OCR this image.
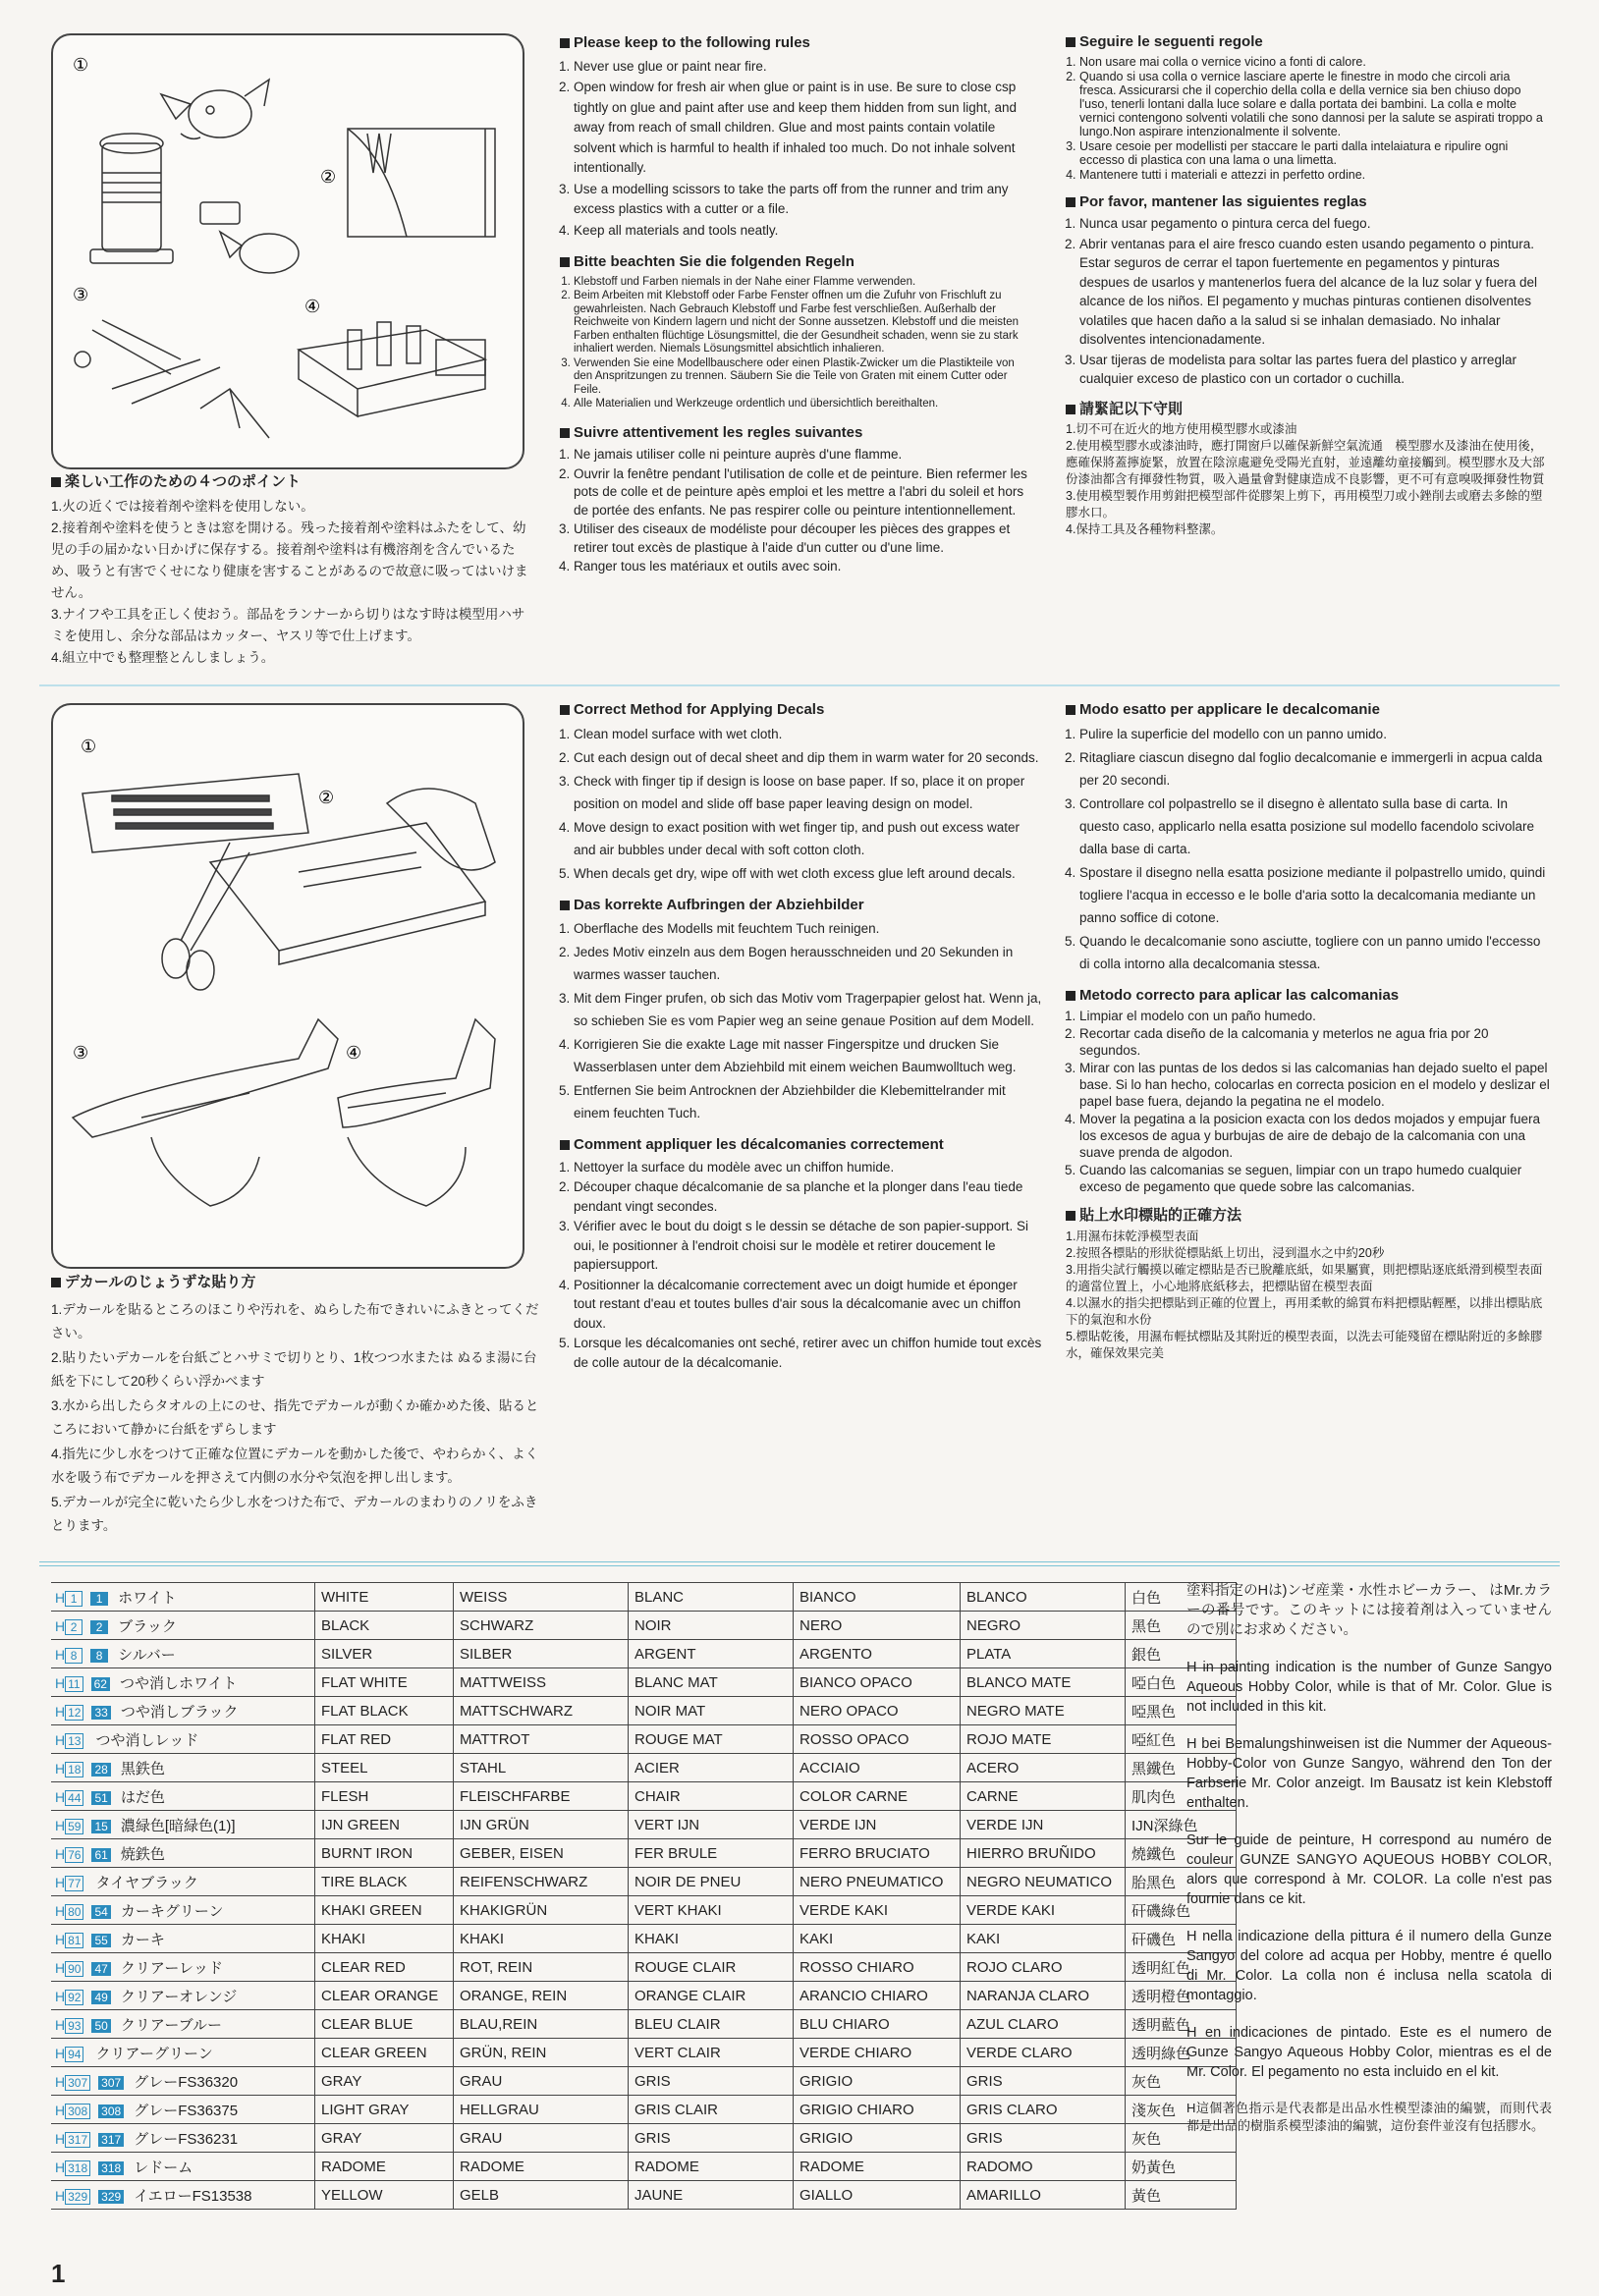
①
②
③
④
楽しい工作のための４つのポイント
1.火の近くでは接着剤や塗料を使用しない。
2.接着剤や塗料を使うときは窓を開ける。残った接着剤や塗料はふたをして、幼児の手の届かない日かげに保存する。接着剤や塗料は有機溶剤を含んでいるため、吸うと有害でくせになり健康を害することがあるので故意に吸ってはいけません。
3.ナイフや工具を正しく使おう。部品をランナーから切りはなす時は模型用ハサミを使用し、余分な部品はカッター、ヤスリ等で仕上げます。
4.組立中でも整理整とんしましょう。
Please keep to the following rules
1. Never use glue or paint near fire.
2. Open window for fresh air when glue or paint is in use. Be sure to close csp tightly on glue and paint after use and keep them hidden from sun light, and away from reach of small children. Glue and most paints contain volatile solvent which is harmful to health if inhaled too much. Do not inhale solvent intentionally.
3. Use a modelling scissors to take the parts off from the runner and trim any excess plastics with a cutter or a file.
4. Keep all materials and tools neatly.
Bitte beachten Sie die folgenden Regeln
1. Klebstoff und Farben niemals in der Nahe einer Flamme verwenden.
2. Beim Arbeiten mit Klebstoff oder Farbe Fenster offnen um die Zufuhr von Frischluft zu gewahrleisten. Nach Gebrauch Klebstoff und Farbe fest verschließen. Außerhalb der Reichweite von Kindern lagern und nicht der Sonne aussetzen. Klebstoff und die meisten Farben enthalten flüchtige Lösungsmittel, die der Gesundheit schaden, wenn sie zu stark inhaliert werden. Niemals Lösungsmittel absichtlich inhalieren.
3. Verwenden Sie eine Modellbauschere oder einen Plastik-Zwicker um die Plastikteile von den Anspritzungen zu trennen. Säubern Sie die Teile von Graten mit einem Cutter oder Feile.
4. Alle Materialien und Werkzeuge ordentlich und übersichtlich bereithalten.
Suivre attentivement les regles suivantes
1. Ne jamais utiliser colle ni peinture auprès d'une flamme.
2. Ouvrir la fenêtre pendant l'utilisation de colle et de peinture. Bien refermer les pots de colle et de peinture apès emploi et les mettre a l'abri du soleil et hors de portée des enfants. Ne pas respirer colle ou peinture intentionnellement.
3. Utiliser des ciseaux de modéliste pour découper les pièces des grappes et retirer tout excès de plastique à l'aide d'un cutter ou d'une lime.
4. Ranger tous les matériaux et outils avec soin.
Seguire le seguenti regole
1. Non usare mai colla o vernice vicino a fonti di calore.
2. Quando si usa colla o vernice lasciare aperte le finestre in modo che circoli aria fresca. Assicurarsi che il coperchio della colla e della vernice sia ben chiuso dopo l'uso, tenerli lontani dalla luce solare e dalla portata dei bambini. La colla e molte vernici contengono solventi volatili che sono dannosi per la salute se aspirati troppo a lungo.Non aspirare intenzionalmente il solvente.
3. Usare cesoie per modellisti per staccare le parti dalla intelaiatura e ripulire ogni eccesso di plastica con una lama o una limetta.
4. Mantenere tutti i materiali e attezzi in perfetto ordine.
Por favor, mantener las siguientes reglas
1. Nunca usar pegamento o pintura cerca del fuego.
2. Abrir ventanas para el aire fresco cuando esten usando pegamento o pintura. Estar seguros de cerrar el tapon fuertemente en pegamentos y pinturas despues de usarlos y mantenerlos fuera del alcance de la luz solar y fuera del alcance de los niños. El pegamento y muchas pinturas contienen disolventes volatiles que hacen daño a la salud si se inhalan demasiado. No inhalar disolventes intencionadamente.
3. Usar tijeras de modelista para soltar las partes fuera del plastico y arreglar cualquier exceso de plastico con un cortador o cuchilla.
請緊記以下守則
1.切不可在近火的地方使用模型膠水或漆油
2.使用模型膠水或漆油時，應打開窗戶以確保新鮮空氣流通　模型膠水及漆油在使用後，應確保將蓋擰旋緊，放置在陰涼處避免受陽光直射，並遠離幼童接觸到。模型膠水及大部份漆油都含有揮發性物質，吸入過量會對健康造成不良影響，更不可有意嗅吸揮發性物質
3.使用模型製作用剪鉗把模型部件從膠架上剪下，再用模型刀或小銼削去或磨去多餘的塑膠水口。
4.保持工具及各種物料整潔。
①
②
③	④
デカールのじょうずな貼り方
1.デカールを貼るところのほこりや汚れを、ぬらした布できれいにふきとってください。
2.貼りたいデカールを台紙ごとハサミで切りとり、1枚つつ水または ぬるま湯に台紙を下にして20秒くらい浮かべます
3.水から出したらタオルの上にのせ、指先でデカールが動くか確かめた後、貼るところにおいて静かに台紙をずらします
4.指先に少し水をつけて正確な位置にデカールを動かした後で、やわらかく、よく水を吸う布でデカールを押さえて内側の水分や気泡を押し出します。
5.デカールが完全に乾いたら少し水をつけた布で、デカールのまわりのノリをふきとります。
Correct Method for Applying Decals
1. Clean model surface with wet cloth.
2. Cut each design out of decal sheet and dip them in warm water for 20 seconds.
3. Check with finger tip if design is loose on base paper. If so, place it on proper position on model and slide off base paper leaving design on model.
4. Move design to exact position with wet finger tip, and push out excess water and air bubbles under decal with soft cotton cloth.
5. When decals get dry, wipe off with wet cloth excess glue left around decals.
Das korrekte Aufbringen der Abziehbilder
1. Oberflache des Modells mit feuchtem Tuch reinigen.
2. Jedes Motiv einzeln aus dem Bogen herausschneiden und 20 Sekunden in warmes wasser tauchen.
3. Mit dem Finger prufen, ob sich das Motiv vom Tragerpapier gelost hat. Wenn ja, so schieben Sie es vom Papier weg an seine genaue Position auf dem Modell.
4. Korrigieren Sie die exakte Lage mit nasser Fingerspitze und drucken Sie Wasserblasen unter dem Abziehbild mit einem weichen Baumwolltuch weg.
5. Entfernen Sie beim Antrocknen der Abziehbilder die Klebemittelrander mit einem feuchten Tuch.
Comment appliquer les décalcomanies correctement
1. Nettoyer la surface du modèle avec un chiffon humide.
2. Découper chaque décalcomanie de sa planche et la plonger dans l'eau tiede pendant vingt secondes.
3. Vérifier avec le bout du doigt s le dessin se détache de son papier-support. Si oui, le positionner à l'endroit choisi sur le modèle et retirer doucement le papiersupport.
4. Positionner la décalcomanie correctement avec un doigt humide et éponger tout restant d'eau et toutes bulles d'air sous la décalcomanie avec un chiffon doux.
5. Lorsque les décalcomanies ont seché, retirer avec un chiffon humide tout excès de colle autour de la décalcomanie.
Modo esatto per applicare le decalcomanie
1. Pulire la superficie del modello con un panno umido.
2. Ritagliare ciascun disegno dal foglio decalcomanie e immergerli in acpua calda per 20 secondi.
3. Controllare col polpastrello se il disegno è allentato sulla base di carta. In questo caso, applicarlo nella esatta posizione sul modello facendolo scivolare dalla base di carta.
4. Spostare il disegno nella esatta posizione mediante il polpastrello umido, quindi togliere l'acqua in eccesso e le bolle d'aria sotto la decalcomania mediante un panno soffice di cotone.
5. Quando le decalcomanie sono asciutte, togliere con un panno umido l'eccesso di colla intorno alla decalcomania stessa.
Metodo correcto para aplicar las calcomanias
1. Limpiar el modelo con un paño humedo.
2. Recortar cada diseño de la calcomania y meterlos ne agua fria por 20 segundos.
3. Mirar con las puntas de los dedos si las calcomanias han dejado suelto el papel base. Si lo han hecho, colocarlas en correcta posicion en el modelo y deslizar el papel base fuera, dejando la pegatina ne el modelo.
4. Mover la pegatina a la posicion exacta con los dedos mojados y empujar fuera los excesos de agua y burbujas de aire de debajo de la calcomania con una suave prenda de algodon.
5. Cuando las calcomanias se seguen, limpiar con un trapo humedo cualquier exceso de pegamento que quede sobre las calcomanias.
貼上水印標貼的正確方法
1.用濕布抹乾淨模型表面
2.按照各標貼的形狀從標貼紙上切出，浸到溫水之中約20秒
3.用指尖試行觸摸以確定標貼是否已脫離底紙，如果屬實，則把標貼逐底紙滑到模型表面的適當位置上，小心地將底紙移去，把標貼留在模型表面
4.以濕水的指尖把標貼到正確的位置上，再用柔軟的綿質布料把標貼輕壓，以排出標貼底下的氣泡和水份
5.標貼乾後，用濕布輕拭標貼及其附近的模型表面，以洗去可能殘留在標貼附近的多餘膠水，確保效果完美
H 1 1 ホワイト	WHITE	WEISS	BLANC	BIANCO	BLANCO	白色
H 2 2 ブラック	BLACK	SCHWARZ	NOIR	NERO	NEGRO	黑色
H 8 8 シルバー	SILVER	SILBER	ARGENT	ARGENTO	PLATA	銀色
H 11 62 つや消しホワイト	FLAT WHITE	MATTWEISS	BLANC MAT	BIANCO OPACO	BLANCO MATE	啞白色
H 12 33 つや消しブラック	FLAT BLACK	MATTSCHWARZ	NOIR MAT	NERO OPACO	NEGRO MATE	啞黑色
H 13 つや消しレッド	FLAT RED	MATTROT	ROUGE MAT	ROSSO OPACO	ROJO MATE	啞紅色
H 18 28 黒鉄色	STEEL	STAHL	ACIER	ACCIAIO	ACERO	黑鐵色
H 44 51 はだ色	FLESH	FLEISCHFARBE	CHAIR	COLOR CARNE	CARNE	肌肉色
H 59 15 濃緑色[暗緑色(1)]	IJN GREEN	IJN GRÜN	VERT IJN	VERDE IJN	VERDE IJN	IJN深綠色
H 76 61 焼鉄色	BURNT IRON	GEBER, EISEN	FER BRULE	FERRO BRUCIATO	HIERRO BRUÑIDO	燒鐵色
H 77 タイヤブラック	TIRE BLACK	REIFENSCHWARZ	NOIR DE PNEU	NERO PNEUMATICO	NEGRO NEUMATICO	胎黑色
H 80 54 カーキグリーン	KHAKI GREEN	KHAKIGRÜN	VERT KHAKI	VERDE KAKI	VERDE KAKI	矸磯綠色
H 81 55 カーキ	KHAKI	KHAKI	KHAKI	KAKI	KAKI	矸磯色
H 90 47 クリアーレッド	CLEAR RED	ROT, REIN	ROUGE CLAIR	ROSSO CHIARO	ROJO CLARO	透明紅色
H 92 49 クリアーオレンジ	CLEAR ORANGE	ORANGE, REIN	ORANGE CLAIR	ARANCIO CHIARO	NARANJA CLARO	透明橙色
H 93 50 クリアーブルー	CLEAR BLUE	BLAU,REIN	BLEU CLAIR	BLU CHIARO	AZUL CLARO	透明藍色
H 94 クリアーグリーン	CLEAR GREEN	GRÜN, REIN	VERT CLAIR	VERDE CHIARO	VERDE CLARO	透明綠色
H 307 307 グレーFS36320	GRAY	GRAU	GRIS	GRIGIO	GRIS	灰色
H 308 308 グレーFS36375	LIGHT GRAY	HELLGRAU	GRIS CLAIR	GRIGIO CHIARO	GRIS CLARO	淺灰色
H 317 317 グレーFS36231	GRAY	GRAU	GRIS	GRIGIO	GRIS	灰色
H 318 318 レドーム	RADOME	RADOME	RADOME	RADOME	RADOMO	奶黃色
H 329 329 イエローFS13538	YELLOW	GELB	JAUNE	GIALLO	AMARILLO	黃色

塗料指定のHは)ンゼ産業・水性ホビーカラー、 はMr.カラーの番号です。このキットには接着剤は入っていませんので別にお求めください。

H in painting indication is the number of Gunze Sangyo Aqueous Hobby Color, while is that of Mr. Color. Glue is not included in this kit.

H bei Bemalungshinweisen ist die Nummer der Aqueous-Hobby-Color von Gunze Sangyo, während den Ton der Farbserie Mr. Color anzeigt. Im Bausatz ist kein Klebstoff enthalten.

Sur le guide de peinture, H correspond au numéro de couleur GUNZE SANGYO AQUEOUS HOBBY COLOR, alors que correspond à Mr. COLOR. La colle n'est pas fournie dans ce kit.

H nella indicazione della pittura é il numero della Gunze Sangyo del colore ad acqua per Hobby, mentre é quello di Mr. Color. La colla non é inclusa nella scatola di montaggio.

H en indicaciones de pintado. Este es el numero de Gunze Sangyo Aqueous Hobby Color, mientras es el de Mr. Color. El pegamento no esta incluido en el kit.

H這個著色指示是代表都是出品水性模型漆油的編號，而則代表都是出品的樹脂系模型漆油的編號，這份套件並沒有包括膠水。

1
